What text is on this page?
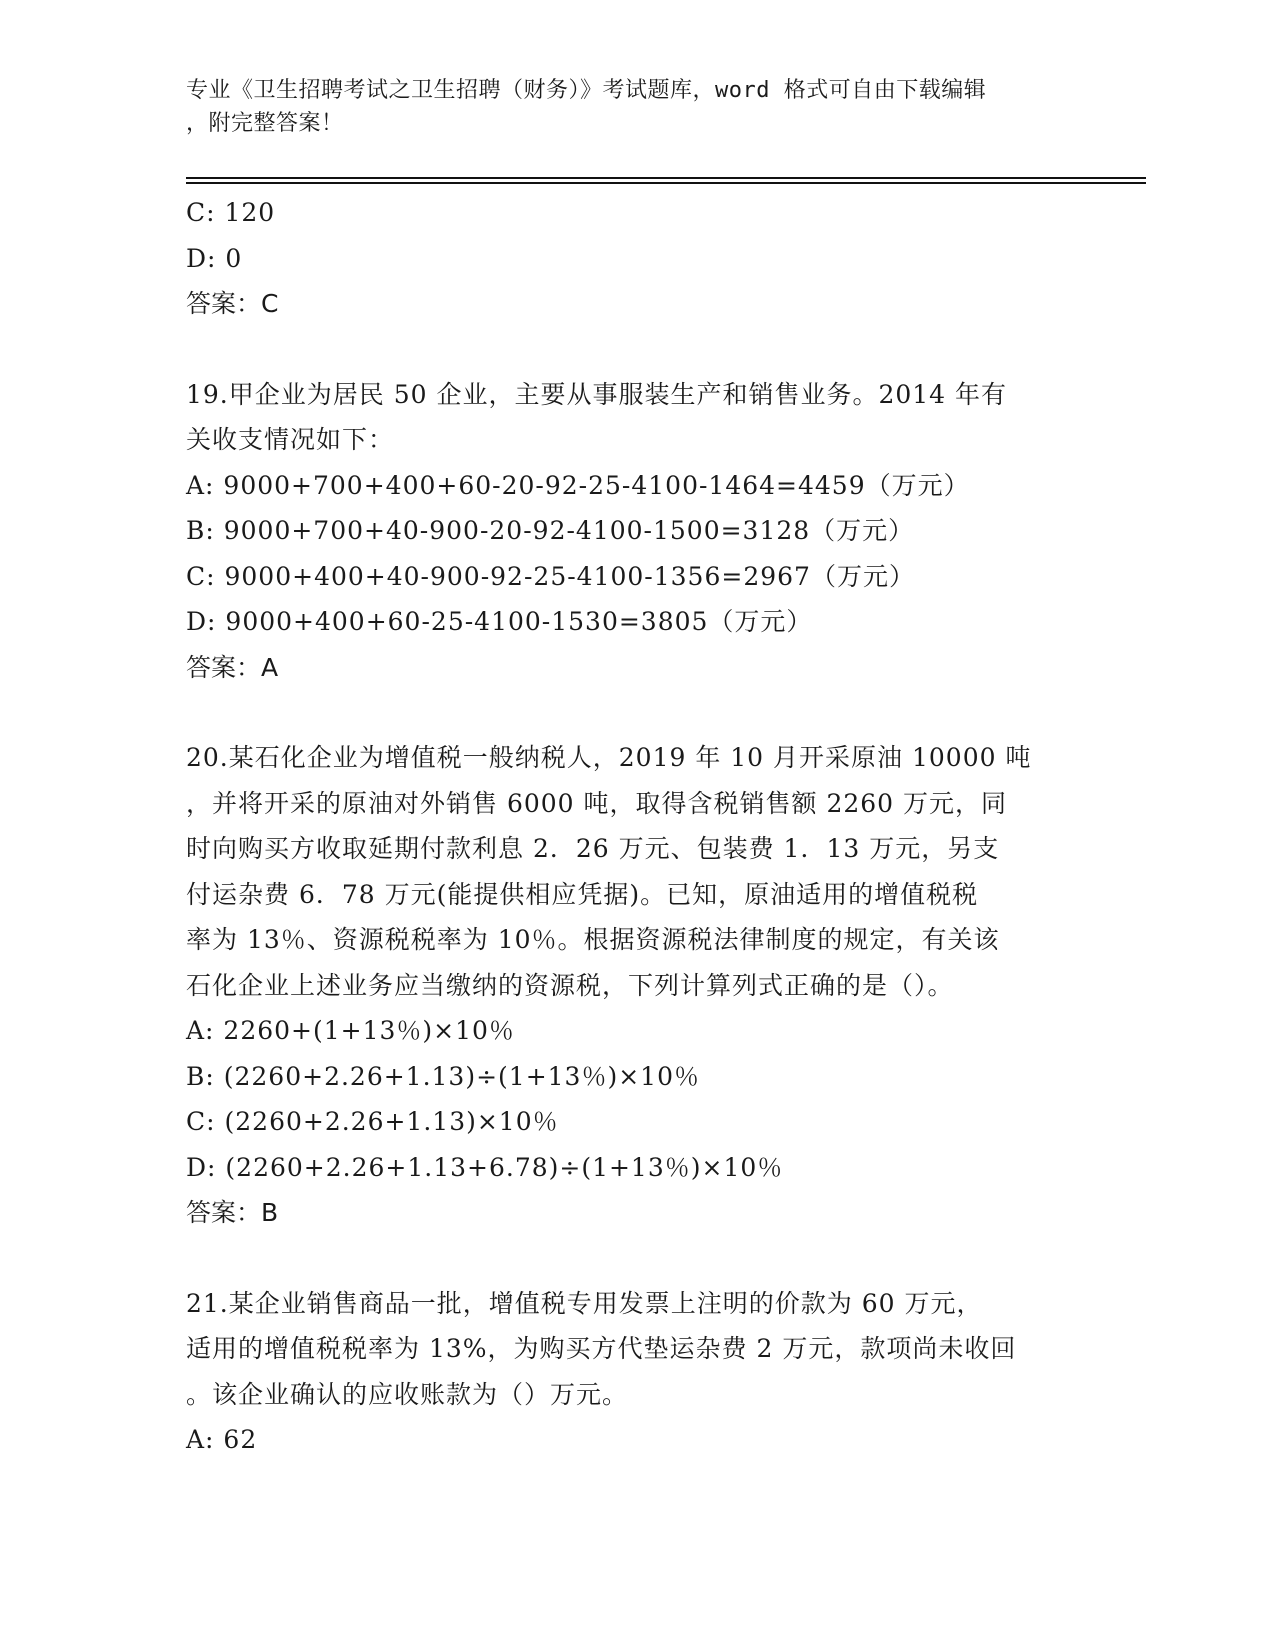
专业《卫生招聘考试之卫生招聘（财务）》考试题库，word 格式可自由下载编辑
，附完整答案！
C: 120
D: 0
答案：C
19.甲企业为居民 50 企业，主要从事服装生产和销售业务。2014 年有
关收支情况如下：
A: 9000+700+400+60-20-92-25-4100-1464=4459（万元）
B: 9000+700+40-900-20-92-4100-1500=3128（万元）
C: 9000+400+40-900-92-25-4100-1356=2967（万元）
D: 9000+400+60-25-4100-1530=3805（万元）
答案：A
20.某石化企业为增值税一般纳税人，2019 年 10 月开采原油 10000 吨
，并将开采的原油对外销售 6000 吨，取得含税销售额 2260 万元，同
时向购买方收取延期付款利息 2．26 万元、包装费 1．13 万元，另支
付运杂费 6．78 万元(能提供相应凭据)。已知，原油适用的增值税税
率为 13％、资源税税率为 10％。根据资源税法律制度的规定，有关该
石化企业上述业务应当缴纳的资源税，下列计算列式正确的是（）。
A: 2260+(1+13％)×10％
B: (2260+2.26+1.13)÷(1+13％)×10％
C: (2260+2.26+1.13)×10％
D: (2260+2.26+1.13+6.78)÷(1+13％)×10％
答案：B
21.某企业销售商品一批，增值税专用发票上注明的价款为 60 万元，
适用的增值税税率为 13%，为购买方代垫运杂费 2 万元，款项尚未收回
。该企业确认的应收账款为（）万元。
A: 62
